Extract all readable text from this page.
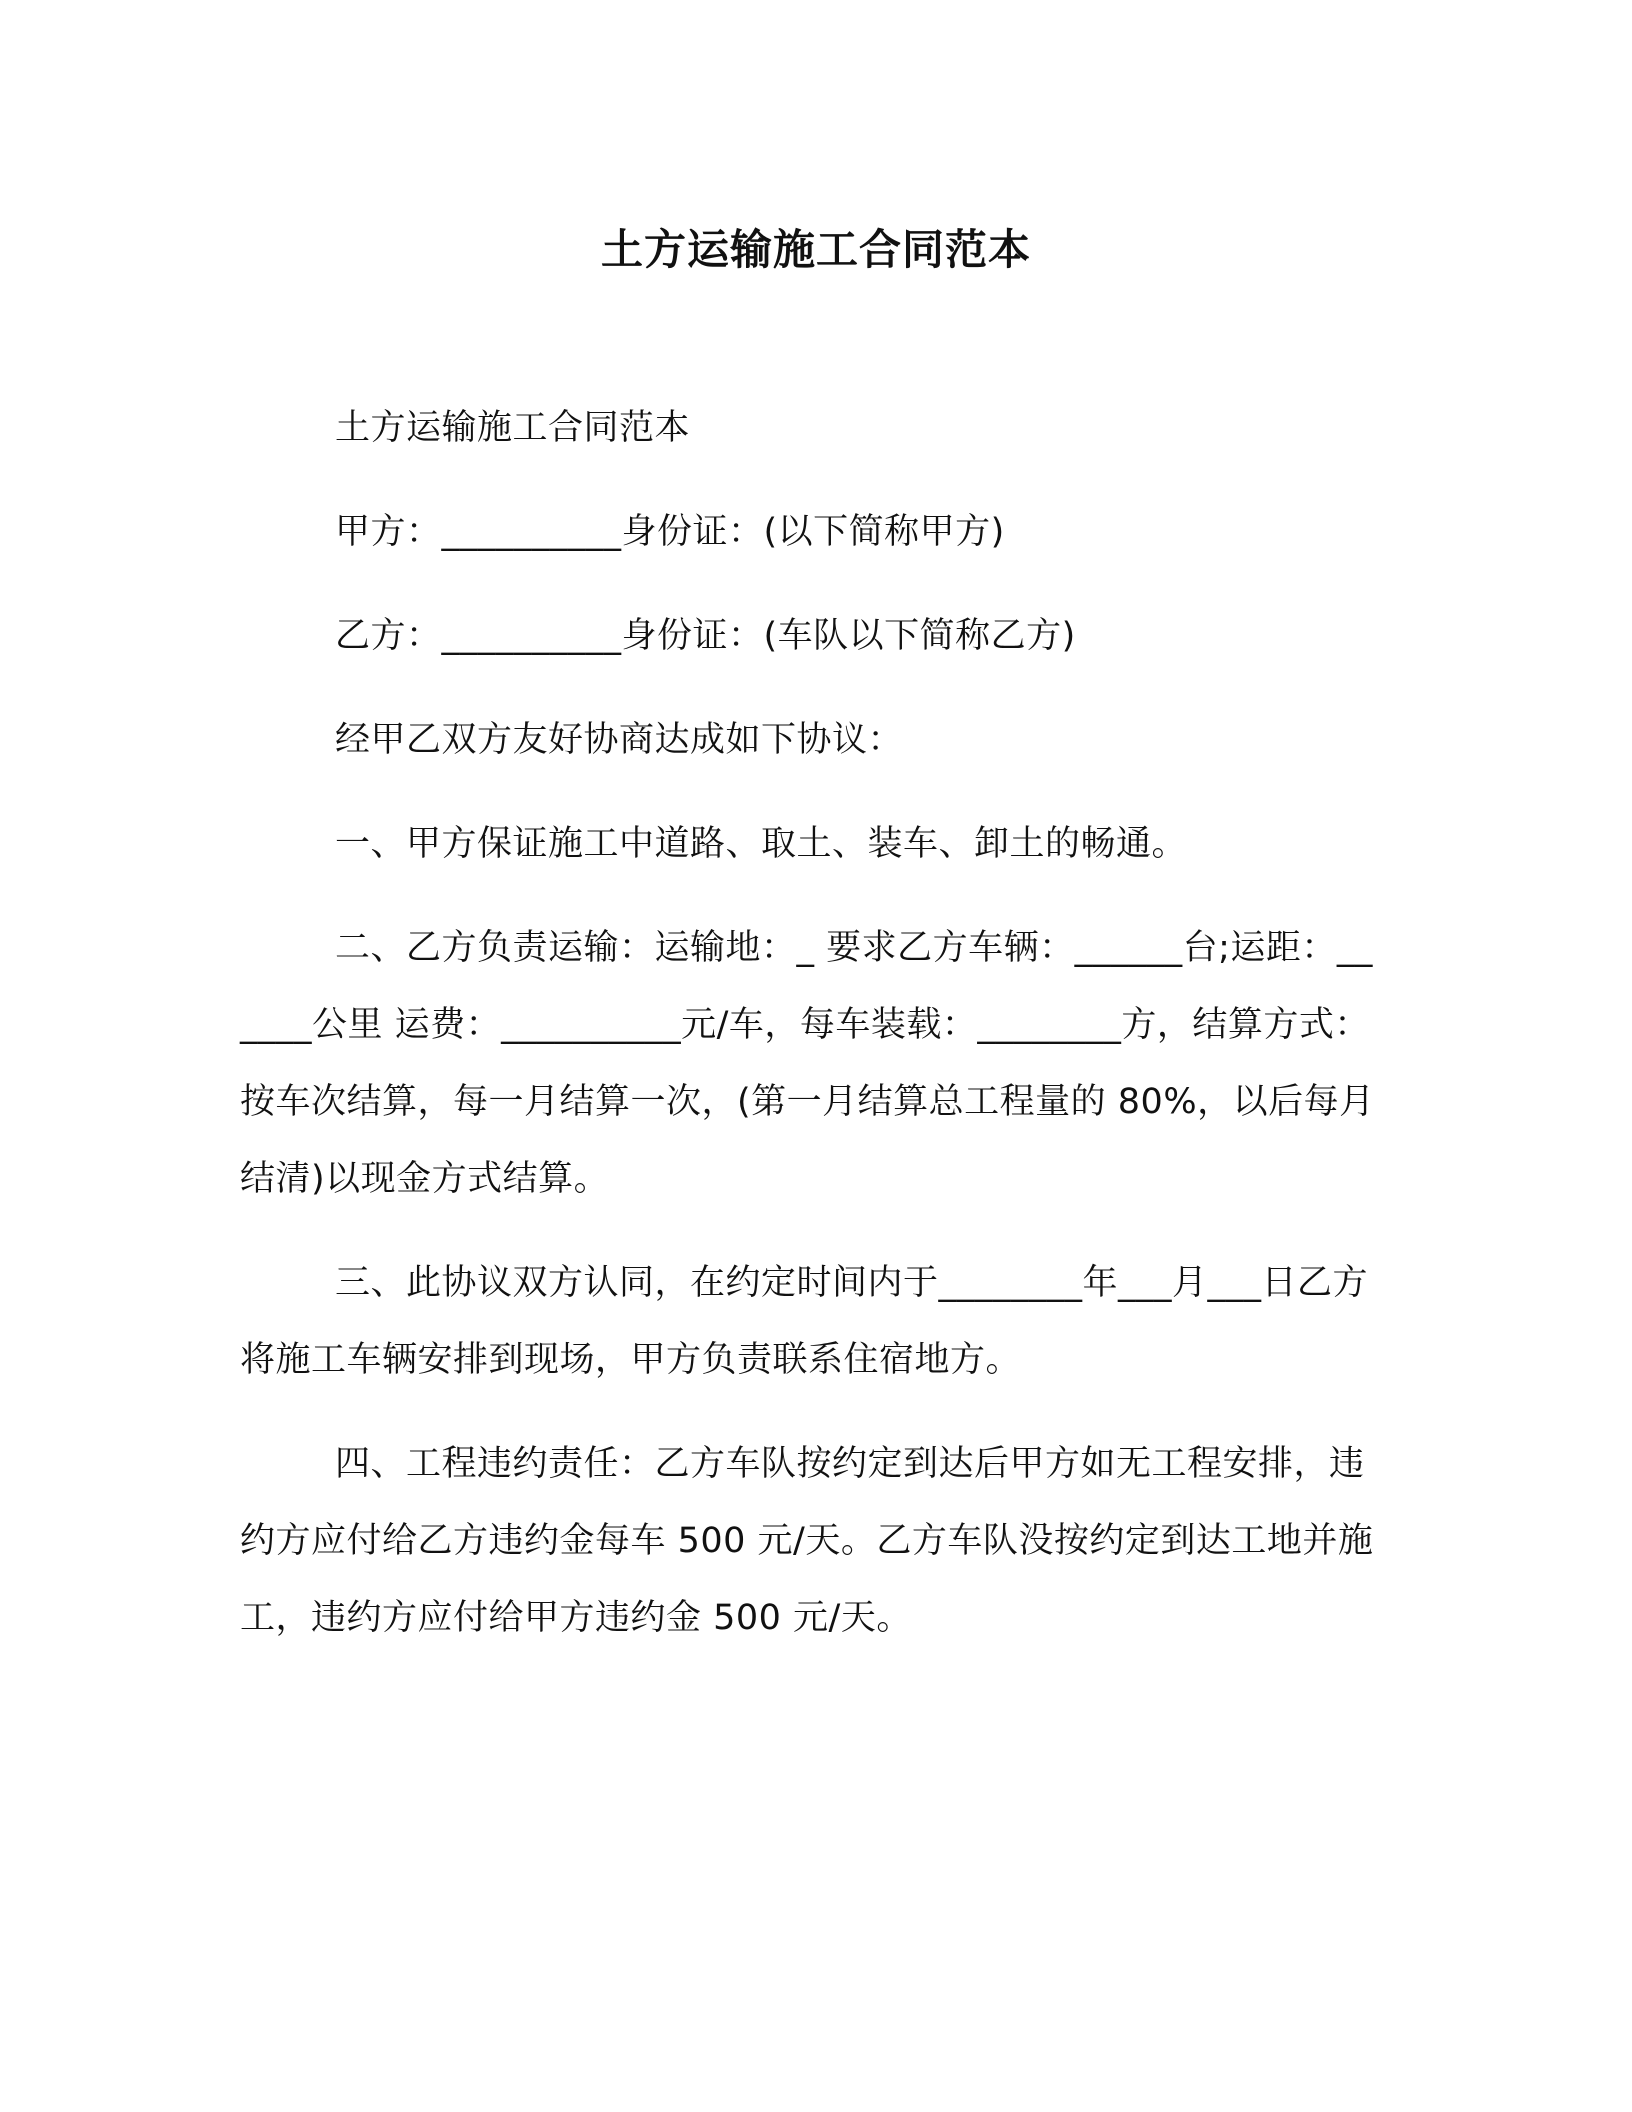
土方运输施工合同范本

土方运输施工合同范本

甲方：__________身份证：(以下简称甲方)

乙方：__________身份证：(车队以下简称乙方)

经甲乙双方友好协商达成如下协议：

一、甲方保证施工中道路、取土、装车、卸土的畅通。

二、乙方负责运输：运输地：_ 要求乙方车辆：______台;运距：______公里 运费：__________元/车，每车装载：________方，结算方式：按车次结算，每一月结算一次，(第一月结算总工程量的 80%，以后每月结清)以现金方式结算。

三、此协议双方认同，在约定时间内于________年___月___日乙方将施工车辆安排到现场，甲方负责联系住宿地方。

四、工程违约责任：乙方车队按约定到达后甲方如无工程安排，违约方应付给乙方违约金每车 500 元/天。乙方车队没按约定到达工地并施工，违约方应付给甲方违约金 500 元/天。
